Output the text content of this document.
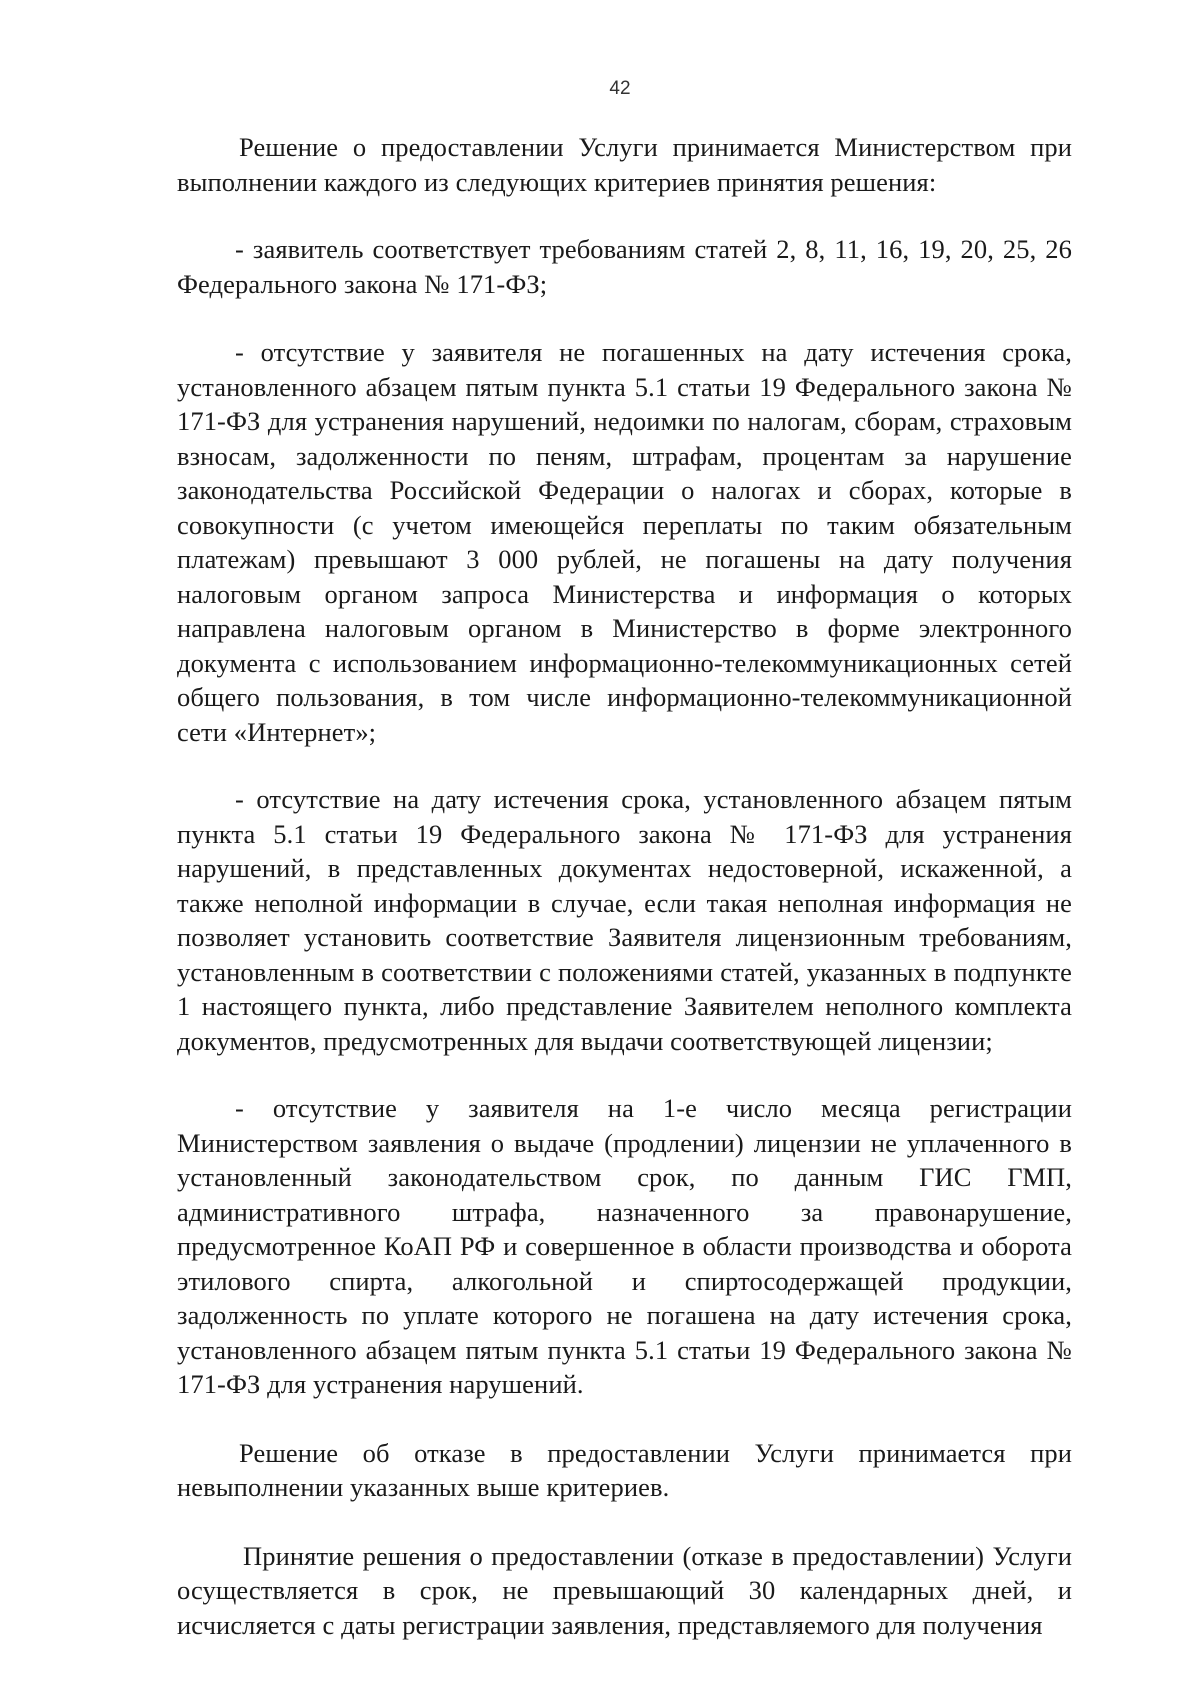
42

Решение о предоставлении Услуги принимается Министерством при выполнении каждого из следующих критериев принятия решения:

- заявитель соответствует требованиям статей 2, 8, 11, 16, 19, 20, 25, 26 Федерального закона № 171-ФЗ;

- отсутствие у заявителя не погашенных на дату истечения срока, установленного абзацем пятым пункта 5.1 статьи 19 Федерального закона № 171-ФЗ для устранения нарушений, недоимки по налогам, сборам, страховым взносам, задолженности по пеням, штрафам, процентам за нарушение законодательства Российской Федерации о налогах и сборах, которые в совокупности (с учетом имеющейся переплаты по таким обязательным платежам) превышают 3 000 рублей, не погашены на дату получения налоговым органом запроса Министерства и информация о которых направлена налоговым органом в Министерство в форме электронного документа с использованием информационно-телекоммуникационных сетей общего пользования, в том числе информационно-телекоммуникационной сети «Интернет»;

- отсутствие на дату истечения срока, установленного абзацем пятым пункта 5.1 статьи 19 Федерального закона № 171-ФЗ для устранения нарушений, в представленных документах недостоверной, искаженной, а также неполной информации в случае, если такая неполная информация не позволяет установить соответствие Заявителя лицензионным требованиям, установленным в соответствии с положениями статей, указанных в подпункте 1 настоящего пункта, либо представление Заявителем неполного комплекта документов, предусмотренных для выдачи соответствующей лицензии;

- отсутствие у заявителя на 1-е число месяца регистрации Министерством заявления о выдаче (продлении) лицензии не уплаченного в установленный законодательством срок, по данным ГИС ГМП, административного штрафа, назначенного за правонарушение, предусмотренное КоАП РФ и совершенное в области производства и оборота этилового спирта, алкогольной и спиртосодержащей продукции, задолженность по уплате которого не погашена на дату истечения срока, установленного абзацем пятым пункта 5.1 статьи 19 Федерального закона № 171-ФЗ для устранения нарушений.

Решение об отказе в предоставлении Услуги принимается при невыполнении указанных выше критериев.

Принятие решения о предоставлении (отказе в предоставлении) Услуги осуществляется в срок, не превышающий 30 календарных дней, и исчисляется с даты регистрации заявления, представляемого для получения
